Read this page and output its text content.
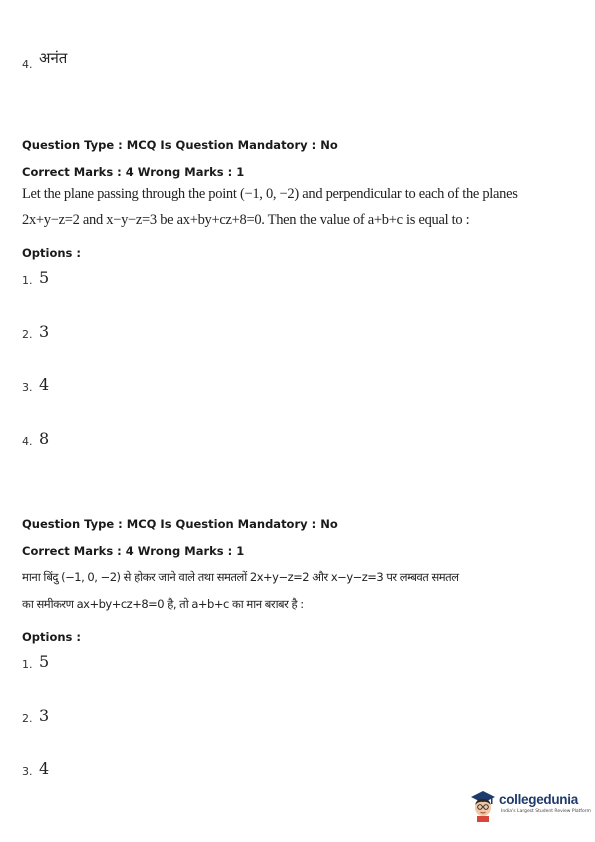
4. अनंत
Question Type : MCQ Is Question Mandatory : No
Correct Marks : 4 Wrong Marks : 1
Let the plane passing through the point (−1, 0, −2) and perpendicular to each of the planes
2x+y−z=2 and x−y−z=3 be ax+by+cz+8=0. Then the value of a+b+c is equal to :
Options :
1. 5
2. 3
3. 4
4. 8
Question Type : MCQ Is Question Mandatory : No
Correct Marks : 4 Wrong Marks : 1
माना बिंदु (−1, 0, −2) से होकर जाने वाले तथा समतलों 2x+y−z=2 और x−y−z=3 पर लम्बवत समतल
का समीकरण ax+by+cz+8=0 है, तो a+b+c का मान बराबर है :
Options :
1. 5
2. 3
3. 4
collegedunia
India's Largest Student Review Platform
